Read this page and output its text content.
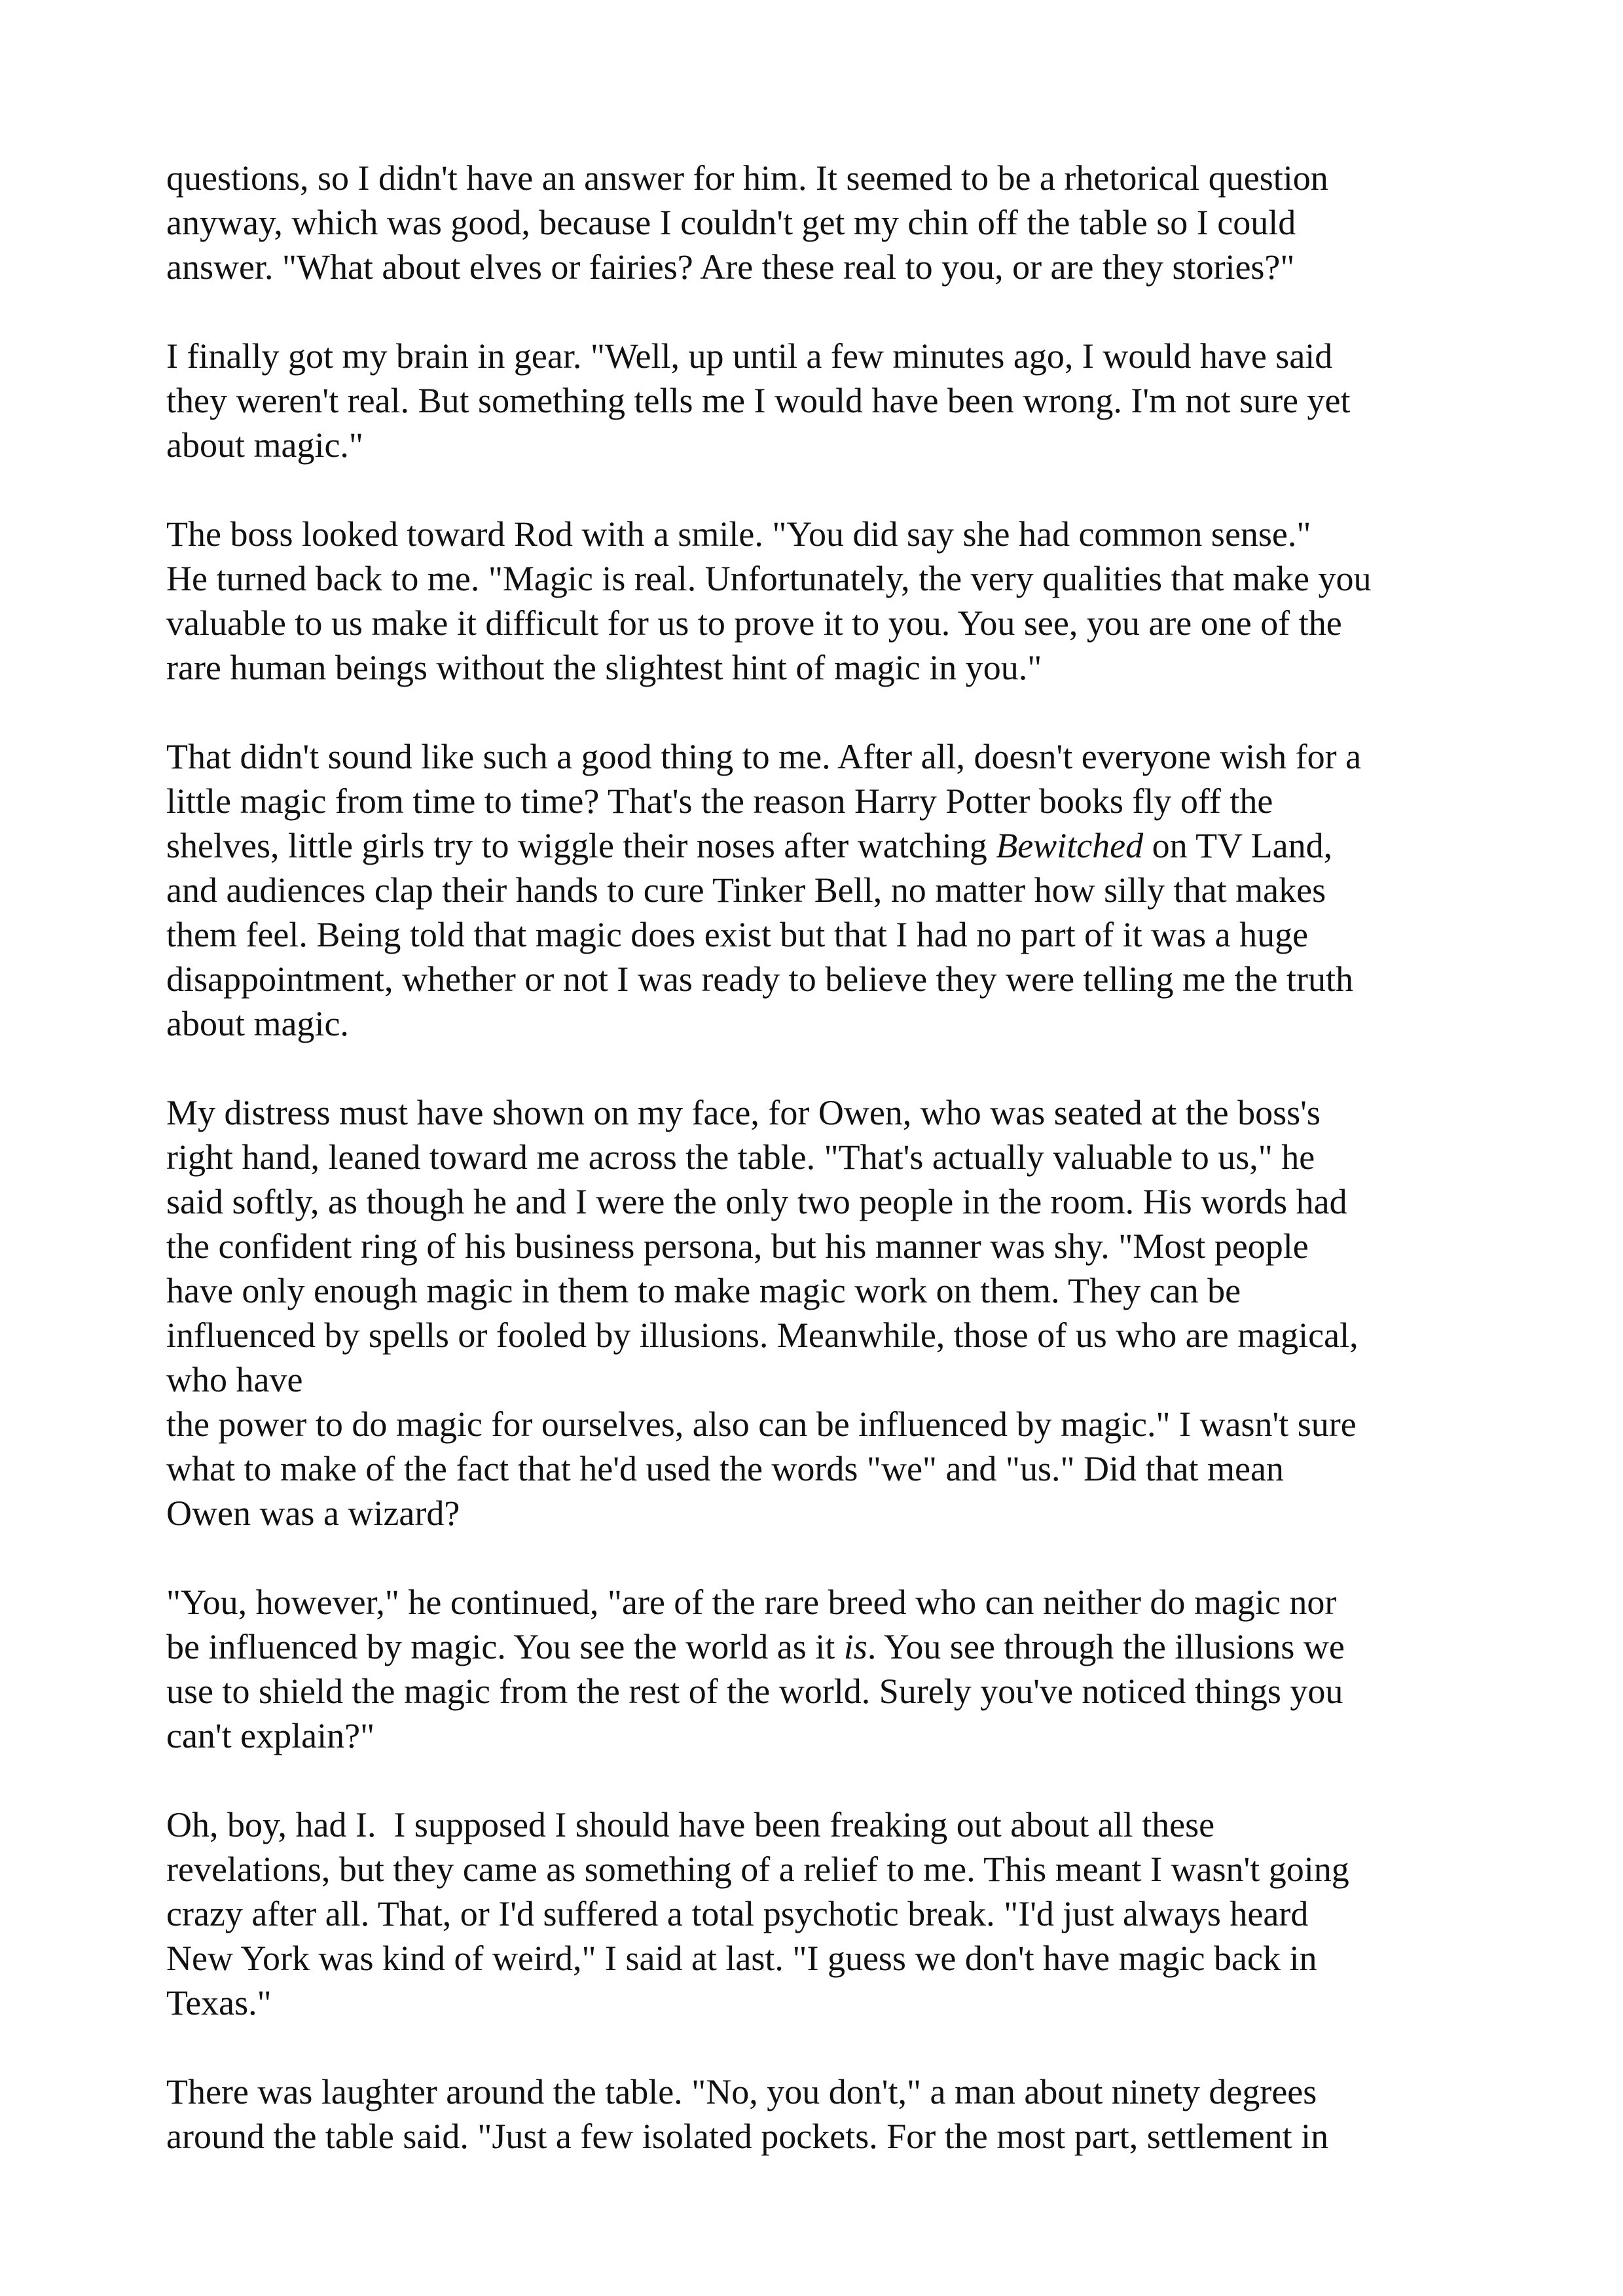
questions, so I didn't have an answer for him. It seemed to be a rhetorical question
anyway, which was good, because I couldn't get my chin off the table so I could
answer. "What about elves or fairies? Are these real to you, or are they stories?"

I finally got my brain in gear. "Well, up until a few minutes ago, I would have said
they weren't real. But something tells me I would have been wrong. I'm not sure yet
about magic."

The boss looked toward Rod with a smile. "You did say she had common sense."
He turned back to me. "Magic is real. Unfortunately, the very qualities that make you
valuable to us make it difficult for us to prove it to you. You see, you are one of the
rare human beings without the slightest hint of magic in you."

That didn't sound like such a good thing to me. After all, doesn't everyone wish for a
little magic from time to time? That's the reason Harry Potter books fly off the
shelves, little girls try to wiggle their noses after watching Bewitched on TV Land,
and audiences clap their hands to cure Tinker Bell, no matter how silly that makes
them feel. Being told that magic does exist but that I had no part of it was a huge
disappointment, whether or not I was ready to believe they were telling me the truth
about magic.

My distress must have shown on my face, for Owen, who was seated at the boss's
right hand, leaned toward me across the table. "That's actually valuable to us," he
said softly, as though he and I were the only two people in the room. His words had
the confident ring of his business persona, but his manner was shy. "Most people
have only enough magic in them to make magic work on them. They can be
influenced by spells or fooled by illusions. Meanwhile, those of us who are magical,
who have
the power to do magic for ourselves, also can be influenced by magic." I wasn't sure
what to make of the fact that he'd used the words "we" and "us." Did that mean
Owen was a wizard?

"You, however," he continued, "are of the rare breed who can neither do magic nor
be influenced by magic. You see the world as it is. You see through the illusions we
use to shield the magic from the rest of the world. Surely you've noticed things you
can't explain?"

Oh, boy, had I.  I supposed I should have been freaking out about all these
revelations, but they came as something of a relief to me. This meant I wasn't going
crazy after all. That, or I'd suffered a total psychotic break. "I'd just always heard
New York was kind of weird," I said at last. "I guess we don't have magic back in
Texas."

There was laughter around the table. "No, you don't," a man about ninety degrees
around the table said. "Just a few isolated pockets. For the most part, settlement in
